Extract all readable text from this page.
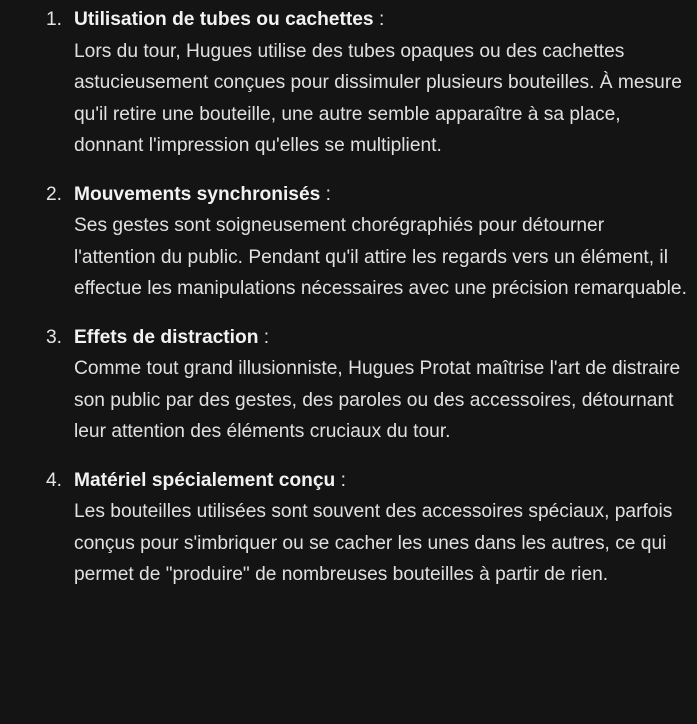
1. Utilisation de tubes ou cachettes :
Lors du tour, Hugues utilise des tubes opaques ou des cachettes astucieusement conçues pour dissimuler plusieurs bouteilles. À mesure qu'il retire une bouteille, une autre semble apparaître à sa place, donnant l'impression qu'elles se multiplient.
2. Mouvements synchronisés :
Ses gestes sont soigneusement chorégraphiés pour détourner l'attention du public. Pendant qu'il attire les regards vers un élément, il effectue les manipulations nécessaires avec une précision remarquable.
3. Effets de distraction :
Comme tout grand illusionniste, Hugues Protat maîtrise l'art de distraire son public par des gestes, des paroles ou des accessoires, détournant leur attention des éléments cruciaux du tour.
4. Matériel spécialement conçu :
Les bouteilles utilisées sont souvent des accessoires spéciaux, parfois conçus pour s'imbriquer ou se cacher les unes dans les autres, ce qui permet de "produire" de nombreuses bouteilles à partir de rien.
